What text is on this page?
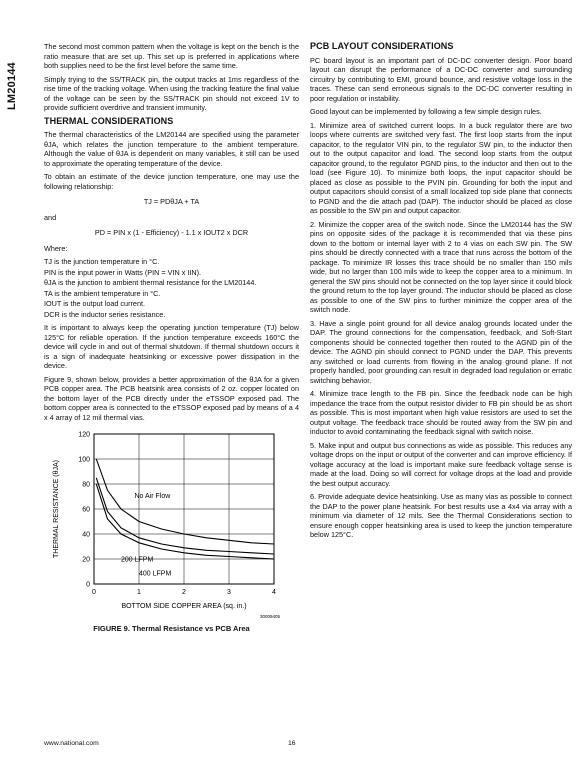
LM20144

The second most common pattern when the voltage is kept on the bench is the ratio measure that are set up. This set up is preferred in applications where both supplies need to be the first level before the same time.

Simply trying to the SS/TRACK pin, the output tracks at 1ms regardless of the rise time of the tracking voltage. When using the tracking feature the final value of the voltage can be seen by the SS/TRACK pin should not exceed 1V to provide sufficient overdrive and transient immunity.

THERMAL CONSIDERATIONS

The thermal characteristics of the LM20144 are specified using the parameter θJA, which relates the junction temperature to the ambient temperature. Although the value of θJA is dependent on many variables, it still can be used to approximate the operating temperature of the device.

To obtain an estimate of the device junction temperature, one may use the following relationship:

TJ = PDθJA + TA

and

PD = PIN x (1 - Efficiency) - 1.1 x IOUT2 x DCR

Where:

TJ is the junction temperature in °C.

PIN is the input power in Watts (PIN = VIN x IIN).

θJA is the junction to ambient thermal resistance for the LM20144.

TA is the ambient temperature in °C.

IOUT is the output load current.

DCR is the inductor series resistance.

It is important to always keep the operating junction temperature (TJ) below 125°C for reliable operation. If the junction temperature exceeds 160°C the device will cycle in and out of thermal shutdown. If thermal shutdown occurs it is a sign of inadequate heatsinking or excessive power dissipation in the device.

Figure 9, shown below, provides a better approximation of the θJA for a given PCB copper area. The PCB heatsink area consists of 2 oz. copper located on the bottom layer of the PCB directly under the eTSSOP exposed pad. The bottom copper area is connected to the eTSSOP exposed pad by means of a 4 x 4 array of 12 mil thermal vias.

0
20
40
60
80
100
120
0	1	2	3	4
No Air Flow
200 LFPM
400 LFPM
THERMAL RESISTANCE (θJA)
BOTTOM SIDE COPPER AREA (sq. in.)
30009405

FIGURE 9. Thermal Resistance vs PCB Area

PCB LAYOUT CONSIDERATIONS

PC board layout is an important part of DC-DC converter design. Poor board layout can disrupt the performance of a DC-DC converter and surrounding circuitry by contributing to EMI, ground bounce, and resistive voltage loss in the traces. These can send erroneous signals to the DC-DC converter resulting in poor regulation or instability.

Good layout can be implemented by following a few simple design rules.

1. Minimize area of switched current loops. In a buck regulator there are two loops where currents are switched very fast. The first loop starts from the input capacitor, to the regulator VIN pin, to the regulator SW pin, to the inductor then out to the output capacitor and load. The second loop starts from the output capacitor ground, to the regulator PGND pins, to the inductor and then out to the load (see Figure 10). To minimize both loops, the input capacitor should be placed as close as possible to the PVIN pin. Grounding for both the input and output capacitors should consist of a small localized top side plane that connects to PGND and the die attach pad (DAP). The inductor should be placed as close as possible to the SW pin and output capacitor.

2. Minimize the copper area of the switch node. Since the LM20144 has the SW pins on opposite sides of the package it is recommended that via these pins down to the bottom or internal layer with 2 to 4 vias on each SW pin. The SW pins should be directly connected with a trace that runs across the bottom of the package. To minimize IR losses this trace should be no smaller than 150 mils wide, but no larger than 100 mils wide to keep the copper area to a minimum. In general the SW pins should not be connected on the top layer since it could block the ground return to the top layer ground. The inductor should be placed as close as possible to one of the SW pins to further minimize the copper area of the switch node.

3. Have a single point ground for all device analog grounds located under the DAP. The ground connections for the compensation, feedback, and Soft-Start components should be connected together then routed to the AGND pin of the device. The AGND pin should connect to PGND under the DAP. This prevents any switched or load currents from flowing in the analog ground plane. If not properly handled, poor grounding can result in degraded load regulation or erratic switching behavior.

4. Minimize trace length to the FB pin. Since the feedback node can be high impedance the trace from the output resistor divider to FB pin should be as short as possible. This is most important when high value resistors are used to set the output voltage. The feedback trace should be routed away from the SW pin and inductor to avoid contaminating the feedback signal with switch noise.

5. Make input and output bus connections as wide as possible. This reduces any voltage drops on the input or output of the converter and can improve efficiency. If voltage accuracy at the load is important make sure feedback voltage sense is made at the load. Doing so will correct for voltage drops at the load and provide the best output accuracy.

6. Provide adequate device heatsinking. Use as many vias as possible to connect the DAP to the power plane heatsink. For best results use a 4x4 via array with a minimum via diameter of 12 mils. See the Thermal Considerations section to ensure enough copper heatsinking area is used to keep the junction temperature below 125°C.

www.national.com	16
